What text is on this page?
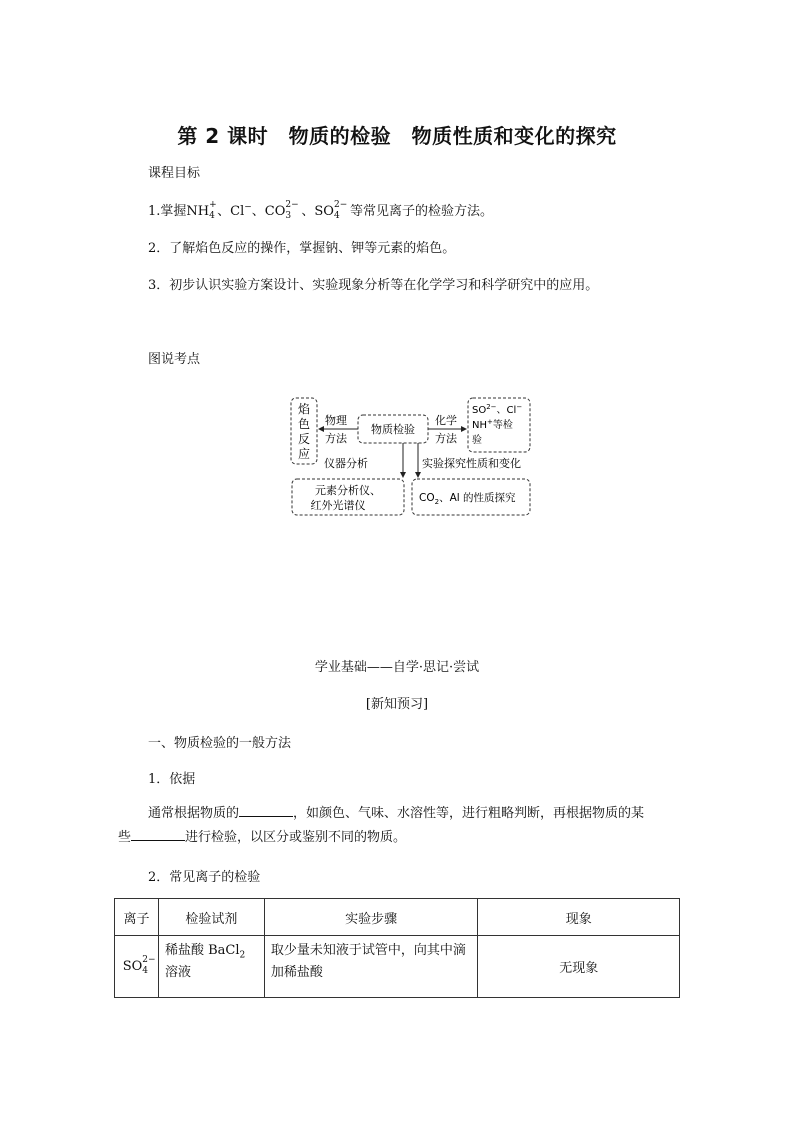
第 2 课时　物质的检验　物质性质和变化的探究
课程目标
1.掌握NH +
4 、Cl−、CO 2−
3 、SO 2−
4 等常见离子的检验方法。
2．了解焰色反应的操作，掌握钠、钾等元素的焰色。
3．初步认识实验方案设计、实验现象分析等在化学学习和科学研究中的应用。
图说考点
焰
色
反
应
物质检验
物理
方法
化学
方法
$SO^{2-}$、Cl−
NH+等检
验
仪器分析	实验探究性质和变化
元素分析仪、
红外光谱仪
$CO_2$、Al 的性质探究
学业基础——自学·思记·尝试
[新知预习]
一、物质检验的一般方法
1．依据
通常根据物质的	，如颜色、气味、水溶性等，进行粗略判断，再根据物质的某
些	进行检验，以区分或鉴别不同的物质。
2．常见离子的检验
离子	检验试剂	实验步骤	现象
SO 2−
4	稀盐酸 BaCl$_2$
溶液	取少量未知液于试管中，向其中滴加稀盐酸	无现象
